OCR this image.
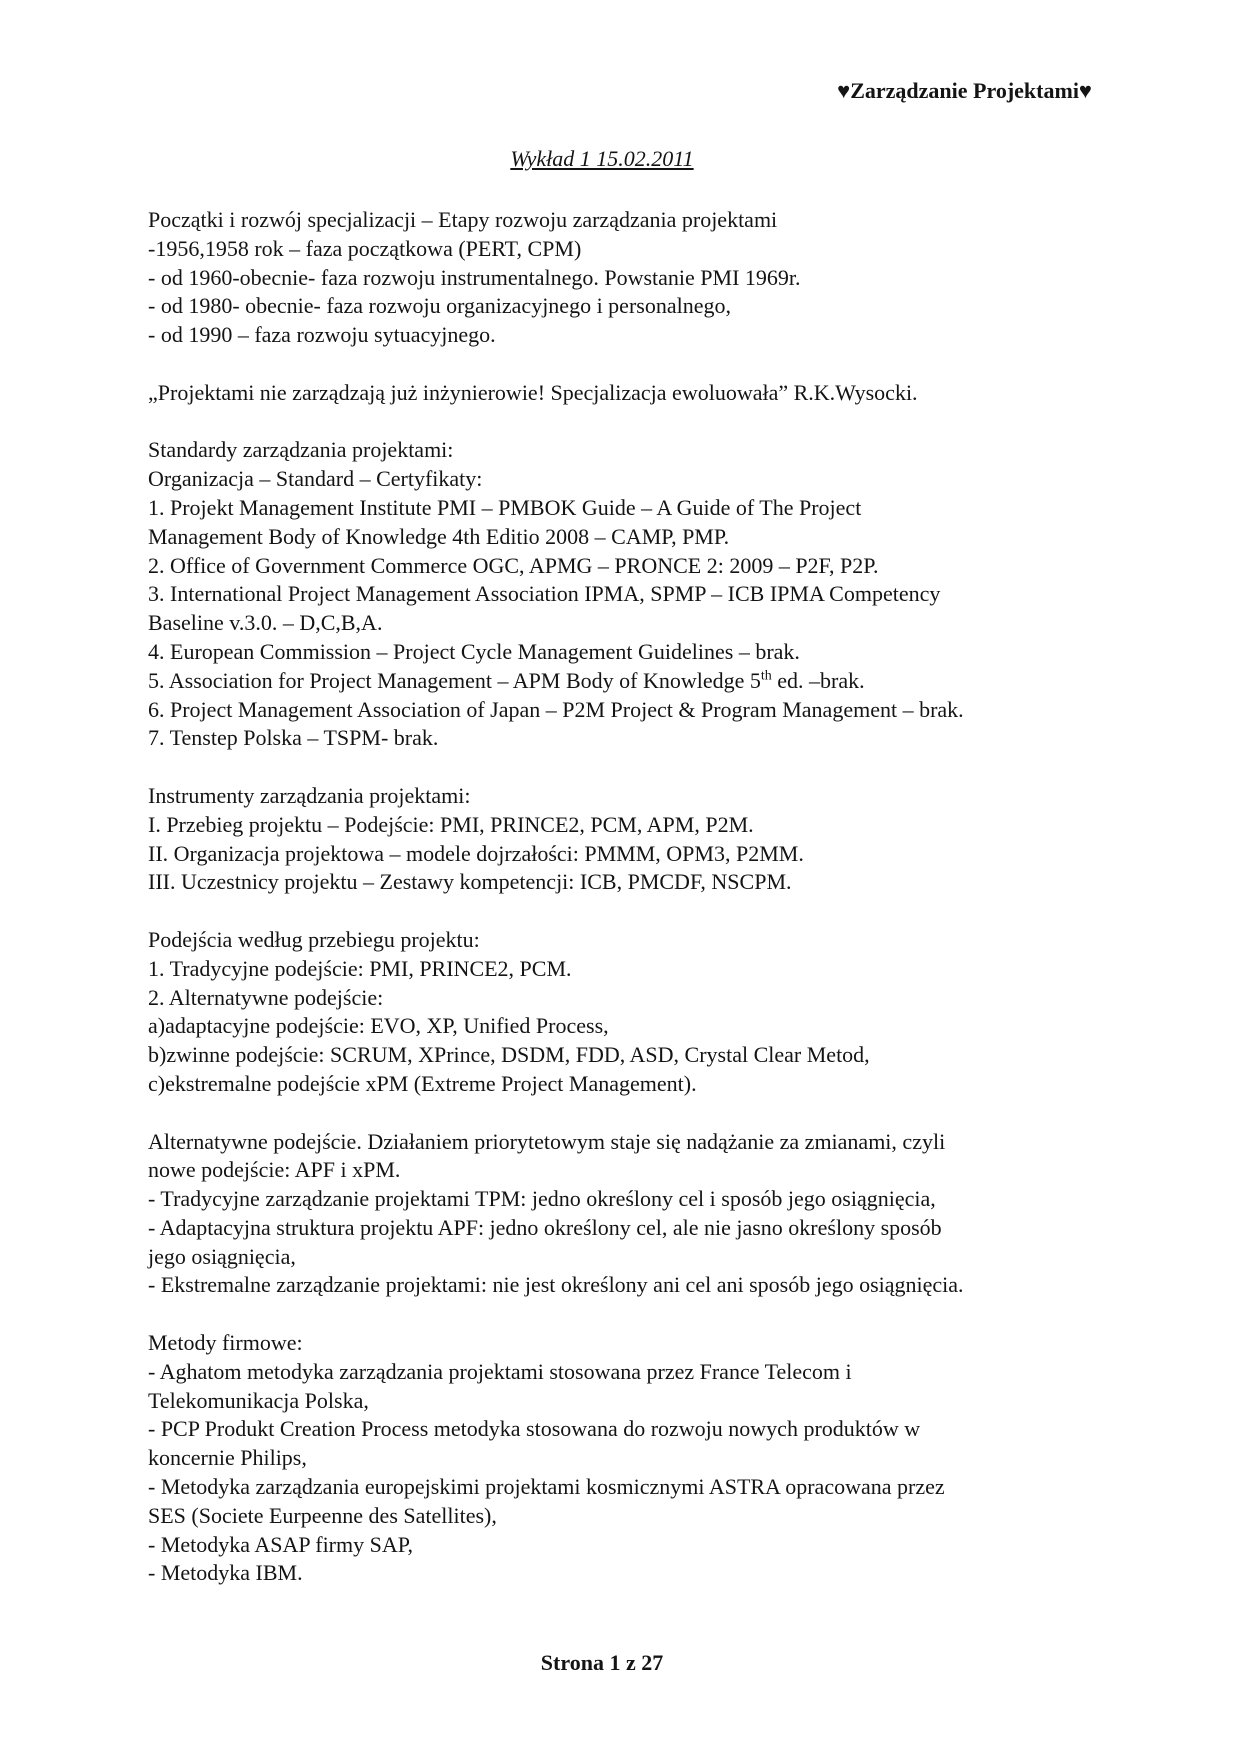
♥Zarządzanie Projektami♥
Wykład 1 15.02.2011

Początki i rozwój specjalizacji – Etapy rozwoju zarządzania projektami

-1956,1958 rok – faza początkowa (PERT, CPM)

- od 1960-obecnie- faza rozwoju instrumentalnego. Powstanie PMI 1969r.

- od 1980- obecnie- faza rozwoju organizacyjnego i personalnego,

- od 1990 – faza rozwoju sytuacyjnego.

„Projektami nie zarządzają już inżynierowie! Specjalizacja ewoluowała” R.K.Wysocki.

Standardy zarządzania projektami:

Organizacja – Standard – Certyfikaty:

1. Projekt Management Institute PMI – PMBOK Guide – A Guide of The Project

Management Body of Knowledge 4th Editio 2008 – CAMP, PMP.

2. Office of Government Commerce OGC, APMG – PRONCE 2: 2009 – P2F, P2P.

3. International Project Management Association IPMA, SPMP – ICB IPMA Competency

Baseline v.3.0. – D,C,B,A.

4. European Commission – Project Cycle Management Guidelines – brak.

5. Association for Project Management – APM Body of Knowledge 5th ed. –brak.

6. Project Management Association of Japan – P2M Project & Program Management – brak.

7. Tenstep Polska – TSPM- brak.

Instrumenty zarządzania projektami:

I. Przebieg projektu – Podejście: PMI, PRINCE2, PCM, APM, P2M.

II. Organizacja projektowa – modele dojrzałości: PMMM, OPM3, P2MM.

III. Uczestnicy projektu – Zestawy kompetencji: ICB, PMCDF, NSCPM.

Podejścia według przebiegu projektu:

1. Tradycyjne podejście: PMI, PRINCE2, PCM.

2. Alternatywne podejście:

a)adaptacyjne podejście: EVO, XP, Unified Process,

b)zwinne podejście: SCRUM, XPrince, DSDM, FDD, ASD, Crystal Clear Metod,

c)ekstremalne podejście xPM (Extreme Project Management).

Alternatywne podejście. Działaniem priorytetowym staje się nadążanie za zmianami, czyli

nowe podejście: APF i xPM.

- Tradycyjne zarządzanie projektami TPM: jedno określony cel i sposób jego osiągnięcia,

- Adaptacyjna struktura projektu APF: jedno określony cel, ale nie jasno określony sposób

jego osiągnięcia,

- Ekstremalne zarządzanie projektami: nie jest określony ani cel ani sposób jego osiągnięcia.

Metody firmowe:

- Aghatom metodyka zarządzania projektami stosowana przez France Telecom i

Telekomunikacja Polska,

- PCP Produkt Creation Process metodyka stosowana do rozwoju nowych produktów w

koncernie Philips,

- Metodyka zarządzania europejskimi projektami kosmicznymi ASTRA opracowana przez

SES (Societe Eurpeenne des Satellites),

- Metodyka ASAP firmy SAP,

- Metodyka IBM.

Strona 1 z 27
